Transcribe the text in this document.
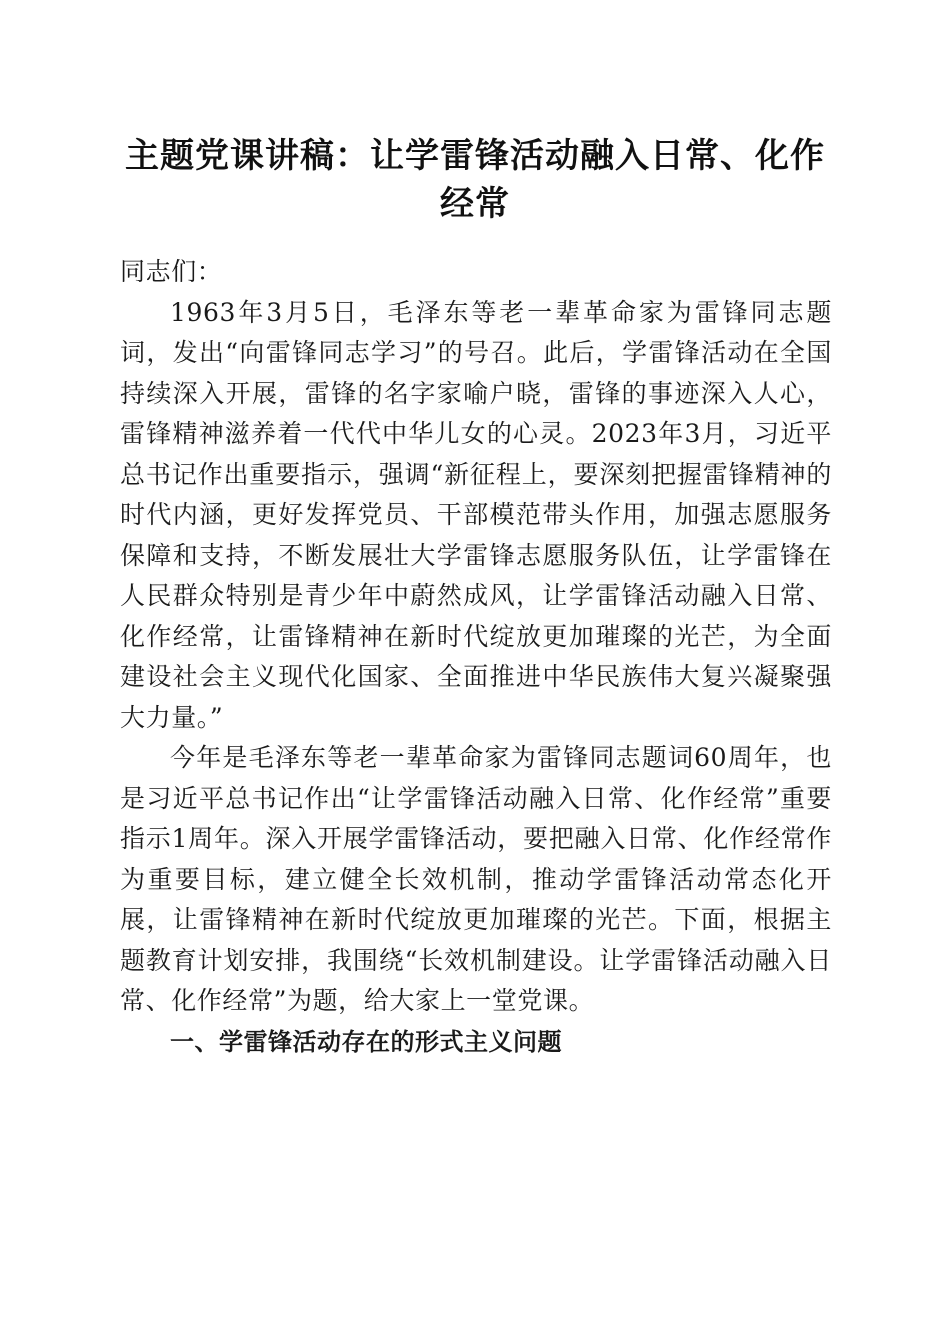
主题党课讲稿：让学雷锋活动融入日常、化作经常

同志们：

1963年3月5日，毛泽东等老一辈革命家为雷锋同志题词，发出“向雷锋同志学习”的号召。此后，学雷锋活动在全国持续深入开展，雷锋的名字家喻户晓，雷锋的事迹深入人心，雷锋精神滋养着一代代中华儿女的心灵。2023年3月，习近平总书记作出重要指示，强调“新征程上，要深刻把握雷锋精神的时代内涵，更好发挥党员、干部模范带头作用，加强志愿服务保障和支持，不断发展壮大学雷锋志愿服务队伍，让学雷锋在人民群众特别是青少年中蔚然成风，让学雷锋活动融入日常、化作经常，让雷锋精神在新时代绽放更加璀璨的光芒，为全面建设社会主义现代化国家、全面推进中华民族伟大复兴凝聚强大力量。”

今年是毛泽东等老一辈革命家为雷锋同志题词60周年，也是习近平总书记作出“让学雷锋活动融入日常、化作经常”重要指示1周年。深入开展学雷锋活动，要把融入日常、化作经常作为重要目标，建立健全长效机制，推动学雷锋活动常态化开展，让雷锋精神在新时代绽放更加璀璨的光芒。下面，根据主题教育计划安排，我围绕“长效机制建设。让学雷锋活动融入日常、化作经常”为题，给大家上一堂党课。

一、学雷锋活动存在的形式主义问题
